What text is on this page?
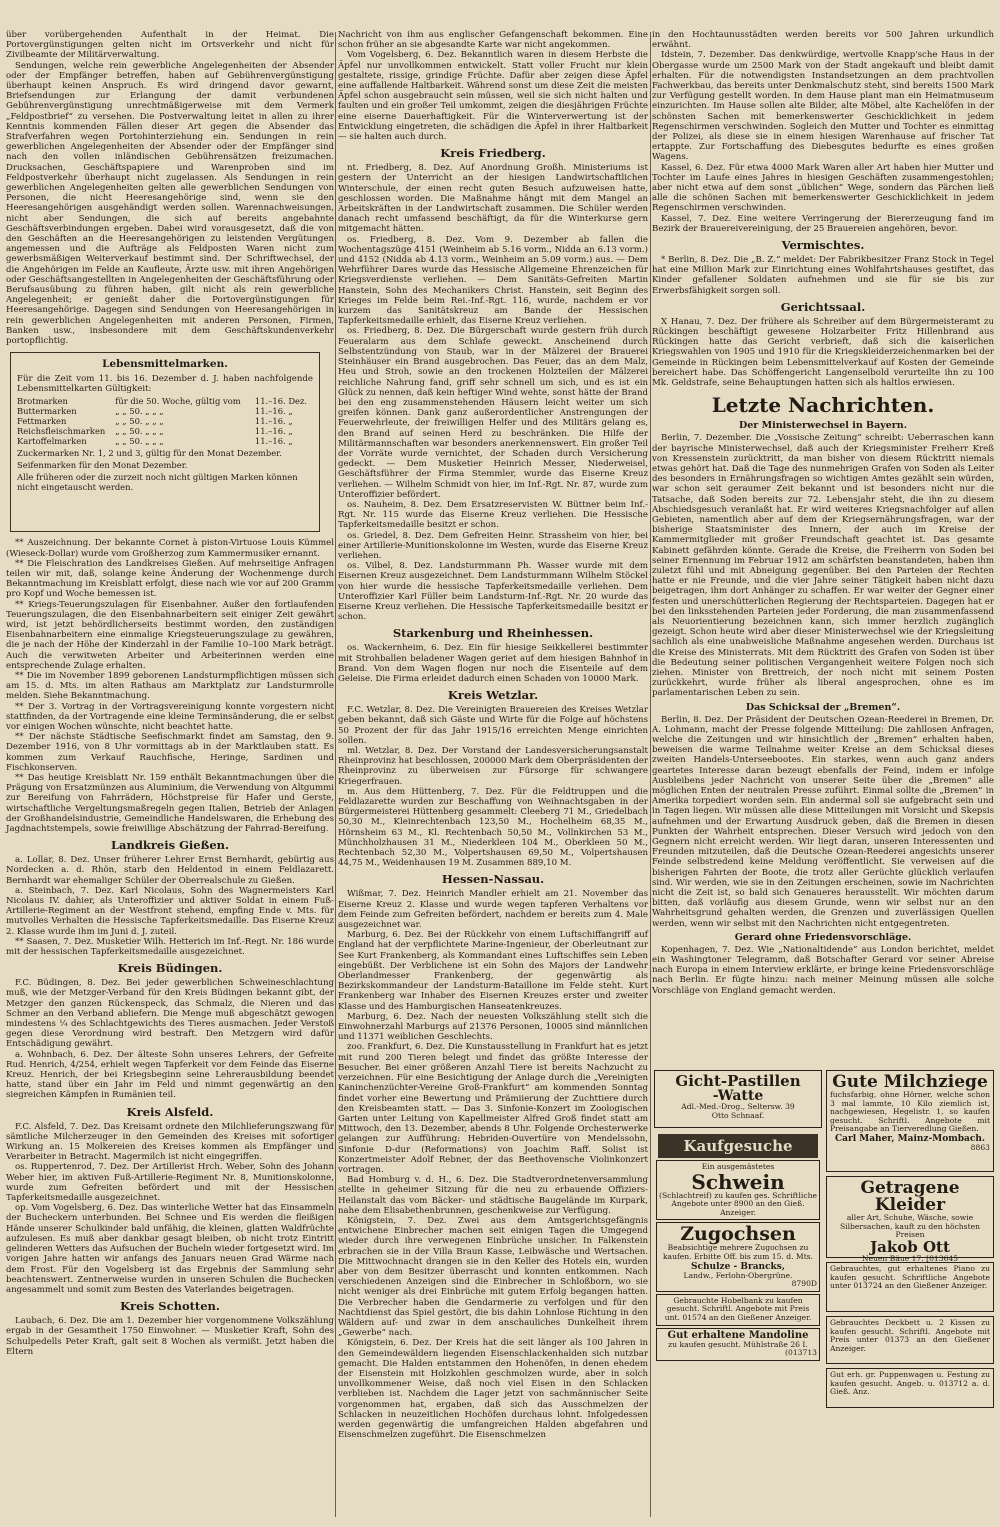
über vorübergehenden Aufenthalt in der Heimat. Die Portovergünstigungen gelten nicht im Ortsverkehr und nicht für Zivilbeamte der Militärverwaltung.

Sendungen, welche rein gewerbliche Angelegenheiten der Absender oder der Empfänger betreffen, haben auf Gebührenvergünstigung überhaupt keinen Anspruch. Es wird dringend davor gewarnt, Briefsendungen zur Erlangung der damit verbundenen Gebührenvergünstigung unrechtmäßigerweise mit dem Vermerk „Feldpostbrief“ zu versehen. Die Postverwaltung leitet in allen zu ihrer Kenntnis kommenden Fällen dieser Art gegen die Absender das Strafverfahren wegen Portohinterziehung ein. Sendungen in rein gewerblichen Angelegenheiten der Absender oder der Empfänger sind nach den vollen inländischen Gebührensätzen freizumachen. Drucksachen, Geschäftspapiere und Warenproben sind im Feldpostverkehr überhaupt nicht zugelassen. Als Sendungen in rein gewerblichen Angelegenheiten gelten alle gewerblichen Sendungen von Personen, die nicht Heeresangehörige sind, wenn sie den Heeresangehörigen ausgehändigt werden sollen. Warennachweisungen, nicht aber Sendungen, die sich auf bereits angebahnte Geschäftsverbindungen ergeben. Dabei wird vorausgesetzt, daß die von den Geschäften an die Heeresangehörigen zu leistenden Vergütungen angemessen und die Aufträge als Feldposten Waren nicht zum gewerbsmäßigen Weiterverkauf bestimmt sind. Der Schriftwechsel, der die Angehörigen im Felde an Kaufleute, Ärzte usw. mit ihren Angehörigen oder Geschäftsangestellten in Angelegenheiten der Geschäftsführung oder Berufsausübung zu führen haben, gilt nicht als rein gewerbliche Angelegenheit; er genießt daher die Portovergünstigungen für Heeresangehörige. Dagegen sind Sendungen von Heeresangehörigen in rein gewerblichen Angelegenheiten mit anderen Personen, Firmen, Banken usw., insbesondere mit dem Geschäftskundenverkehr portopflichtig.

Lebensmittelmarken.
Für die Zeit vom 11. bis 16. Dezember d. J. haben nachfolgende Lebensmittelkarten Gültigkeit:
Brotmarken	für die 50. Woche, gültig vom	11.–16. Dez.
Buttermarken	„ „ 50. „ „ „	11.–16. „
Fettmarken	„ „ 50. „ „ „	11.–16. „
Reichsfleischmarken	„ „ 50. „ „ „	11.–16. „
Kartoffelmarken	„ „ 50. „ „ „	11.–16. „
Zuckermarken Nr. 1, 2 und 3, gültig für den Monat Dezember.
Seifenmarken für den Monat Dezember.
Alle früheren oder die zurzeit noch nicht gültigen Marken können nicht eingetauscht werden.

** Auszeichnung. Der bekannte Cornet à piston-Virtuose Louis Kümmel (Wieseck-Dollar) wurde vom Großherzog zum Kammermusiker ernannt.

** Die Fleischration des Landkreises Gießen. Auf mehrseitige Anfragen teilen wir mit, daß, solange keine Änderung der Wochenmenge durch Bekanntmachung im Kreisblatt erfolgt, diese nach wie vor auf 200 Gramm pro Kopf und Woche bemessen ist.

** Kriegs-Teuerungszulagen für Eisenbahner. Außer den fortlaufenden Teuerungszulagen, die den Eisenbahnarbeitern seit einiger Zeit gewährt wird, ist jetzt behördlicherseits bestimmt worden, den zuständigen Eisenbahnarbeitern eine einmalige Kriegsteuerungszulage zu gewähren, die je nach der Höhe der Kinderzahl in der Familie 10–100 Mark beträgt. Auch die verwitweten Arbeiter und Arbeiterinnen werden eine entsprechende Zulage erhalten.

** Die im November 1899 geborenen Landsturmpflichtigen müssen sich am 15. d. Mts. im alten Rathaus am Marktplatz zur Landsturmrolle melden. Siehe Bekanntmachung.

** Der 3. Vortrag in der Vortragsvereinigung konnte vorgestern nicht stattfinden, da der Vortragende eine kleine Terminsänderung, die er selbst vor einigen Wochen wünschte, nicht beachtet hatte.

** Der nächste Städtische Seefischmarkt findet am Samstag, den 9. Dezember 1916, von 8 Uhr vormittags ab in der Marktlauben statt. Es kommen zum Verkauf Rauchfische, Heringe, Sardinen und Fischkonserven.

** Das heutige Kreisblatt Nr. 159 enthält Bekanntmachungen über die Prägung von Ersatzmünzen aus Aluminium, die Verwendung von Altgummi zur Bereifung von Fahrrädern, Höchstpreise für Hafer und Gerste, wirtschaftliche Vergeltungsmaßregeln gegen Italien, Betrieb der Anlagen der Großhandelsindustrie, Gemeindliche Handelswaren, die Erhebung des Jagdnachtstempels, sowie freiwillige Abschätzung der Fahrrad-Bereifung.

Landkreis Gießen.

a. Lollar, 8. Dez. Unser früherer Lehrer Ernst Bernhardt, gebürtig aus Nordecken a. d. Rhön, starb den Heldentod in einem Feldlazarett. Bernhardt war ehemaliger Schüler der Oberrealschule zu Gießen.

a. Steinbach, 7. Dez. Karl Nicolaus, Sohn des Wagnermeisters Karl Nicolaus IV. dahier, als Unteroffizier und aktiver Soldat in einem Fuß-Artillerie-Regiment an der Westfront stehend, empfing Ende v. Mts. für mutvolles Verhalten die Hessische Tapferkeitsmedaille. Das Eiserne Kreuz 2. Klasse wurde ihm im Juni d. J. zuteil.

** Saasen, 7. Dez. Musketier Wilh. Hetterich im Inf.-Regt. Nr. 186 wurde mit der hessischen Tapferkeitsmedaille ausgezeichnet.

Kreis Büdingen.

F.C. Büdingen, 8. Dez. Bei jeder gewerblichen Schweineschlachtung muß, wie der Metzger-Verband für den Kreis Büdingen bekannt gibt, der Metzger den ganzen Rückenspeck, das Schmalz, die Nieren und das Schmer an den Verband abliefern. Die Menge muß abgeschätzt gewogen mindestens ¼ des Schlachtgewichts des Tieres ausmachen. Jeder Verstoß gegen diese Verordnung wird bestraft. Den Metzgern wird dafür Entschädigung gewährt.

a. Wohnbach, 6. Dez. Der älteste Sohn unseres Lehrers, der Gefreite Rud. Henrich, 4/254, erhielt wegen Tapferkeit vor dem Feinde das Eiserne Kreuz. Henrich, der bei Kriegsbeginn seine Lehrerausbildung beendet hatte, stand über ein Jahr im Feld und nimmt gegenwärtig an den siegreichen Kämpfen in Rumänien teil.

Kreis Alsfeld.

F.C. Alsfeld, 7. Dez. Das Kreisamt ordnete den Milchlieferungszwang für sämtliche Milcherzeuger in den Gemeinden des Kreises mit sofortiger Wirkung an. 15 Molkereien des Kreises kommen als Empfänger und Verarbeiter in Betracht. Magermilch ist nicht eingegriffen.

os. Ruppertenrod, 7. Dez. Der Artillerist Hrch. Weber, Sohn des Johann Weber hier, im aktiven Fuß-Artillerie-Regiment Nr. 8, Munitionskolonne, wurde zum Gefreiten befördert und mit der Hessischen Tapferkeitsmedaille ausgezeichnet.

op. Vom Vogelsberg, 6. Dez. Das winterliche Wetter hat das Einsammeln der Bucheckern unterbunden. Bei Schnee und Eis werden die fleißigen Hände unserer Schulkinder bald unfähig, die kleinen, glatten Waldfrüchte aufzulesen. Es muß aber dankbar gesagt bleiben, ob nicht trotz Eintritt gelinderen Wetters das Aufsuchen der Bucheln wieder fortgesetzt wird. Im vorigen Jahre hatten wir anfangs des Januars neuen Grad Wärme nach dem Frost. Für den Vogelsberg ist das Ergebnis der Sammlung sehr beachtenswert. Zentnerweise wurden in unseren Schulen die Buchecken angesammelt und somit zum Besten des Vaterlandes beigetragen.

Kreis Schotten.

Laubach, 6. Dez. Die am 1. Dezember hier vorgenommene Volkszählung ergab in der Gesamtheit 1750 Einwohner. — Musketier Kraft, Sohn des Schulpedells Peter Kraft, galt seit 8 Wochen als vermißt. Jetzt haben die Eltern

Nachricht von ihm aus englischer Gefangenschaft bekommen. Eine schon früher an sie abgesandte Karte war nicht angekommen.

Vom Vogelsberg, 6. Dez. Bekanntlich waren in diesem Herbste die Äpfel nur unvollkommen entwickelt. Statt voller Frucht nur klein gestaltete, rissige, grindige Früchte. Dafür aber zeigen diese Äpfel eine auffallende Haltbarkeit. Während sonst um diese Zeit die meisten Äpfel schon ausgebraucht sein müssen, weil sie sich nicht halten und faulten und ein großer Teil umkommt, zeigen die diesjährigen Früchte eine eiserne Dauerhaftigkeit. Für die Winterverwertung ist der Entwicklung eingetreten, die schädigen die Äpfel in ihrer Haltbarkeit — sie halten auch durch.

Kreis Friedberg.

nt. Friedberg, 8. Dez. Auf Anordnung Großh. Ministeriums ist gestern der Unterricht an der hiesigen Landwirtschaftlichen Winterschule, der einen recht guten Besuch aufzuweisen hatte, geschlossen worden. Die Maßnahme hängt mit dem Mangel an Arbeitskräften in der Landwirtschaft zusammen. Die Schüler werden danach recht umfassend beschäftigt, da für die Winterkurse gern mitgemacht hätten.

os. Friedberg, 8. Dez. Vom 9. Dezember ab fallen die Wochentagszüge 4151 (Weinheim ab 5.16 vorm., Nidda an 6.13 vorm.) und 4152 (Nidda ab 4.13 vorm., Weinheim an 5.09 vorm.) aus. — Dem Wehrführer Dares wurde das Hessische Allgemeine Ehrenzeichen für Kriegsverdienste verliehen. — Dem Sanitäts-Gefreiten Martin Hanstein, Sohn des Mechanikers Christ. Hanstein, seit Beginn des Krieges im Felde beim Rei.-Inf.-Rgt. 116, wurde, nachdem er vor kurzem das Sanitätskreuz am Bande der Hessischen Tapferkeitsmedaille erhielt, das Eiserne Kreuz verliehen.

os. Friedberg, 8. Dez. Die Bürgerschaft wurde gestern früh durch Feueralarm aus dem Schlafe geweckt. Anscheinend durch Selbstentzündung von Staub, war in der Mälzerei der Brauerei Steinhäuser ein Brand ausgebrochen. Das Feuer, das an dem Malz, Heu und Stroh, sowie an den trockenen Holzteilen der Mälzerei reichliche Nahrung fand, griff sehr schnell um sich, und es ist ein Glück zu nennen, daß kein heftiger Wind wehte, sonst hätte der Brand bei den eng zusammenstehenden Häusern leicht weiter um sich greifen können. Dank ganz außerordentlicher Anstrengungen der Feuerwehrleute, der freiwilligen Helfer und des Militärs gelang es, den Brand auf seinen Herd zu beschränken. Die Hilfe der Militärmannschaften war besonders anerkennenswert. Ein großer Teil der Vorräte wurde vernichtet, der Schaden durch Versicherung gedeckt. — Dem Musketier Heinrich Messer, Niederweisel, Geschäftsführer der Firma Stemmler, wurde das Eiserne Kreuz verliehen. — Wilhelm Schmidt von hier, im Inf.-Rgt. Nr. 87, wurde zum Unteroffizier befördert.

os. Nauheim, 8. Dez. Dem Ersatzreservisten W. Büttner beim Inf.-Rgt. Nr. 115 wurde das Eiserne Kreuz verliehen. Die Hessische Tapferkeitsmedaille besitzt er schon.

os. Griedel, 8. Dez. Dem Gefreiten Heinr. Strassheim von hier, bei einer Artillerie-Munitionskolonne im Westen, wurde das Eiserne Kreuz verliehen.

os. Vilbel, 8. Dez. Landsturmmann Ph. Wasser wurde mit dem Eisernen Kreuz ausgezeichnet. Dem Landsturmmann Wilhelm Stöckel von hier wurde die hessische Tapferkeitsmedaille verliehen. Dem Unteroffizier Karl Füller beim Landsturm-Inf.-Rgt. Nr. 20 wurde das Eiserne Kreuz verliehen. Die Hessische Tapferkeitsmedaille besitzt er schon.

Starkenburg und Rheinhessen.

os. Wackernheim, 6. Dez. Ein für hiesige Seikkellerei bestimmter mit Strohballen beladener Wagen geriet auf dem hiesigen Bahnhof in Brand. Von dem Wagen flogen nur noch die Eisenteile auf dem Geleise. Die Firma erleidet dadurch einen Schaden von 10000 Mark.

Kreis Wetzlar.

F.C. Wetzlar, 8. Dez. Die Vereinigten Brauereien des Kreises Wetzlar geben bekannt, daß sich Gäste und Wirte für die Folge auf höchstens 50 Prozent der für das Jahr 1915/16 erreichten Menge einrichten sollen.

ml. Wetzlar, 8. Dez. Der Vorstand der Landesversicherungsanstalt Rheinprovinz hat beschlossen, 200000 Mark dem Oberpräsidenten der Rheinprovinz zu überweisen zur Fürsorge für schwangere Kriegerfrauen.

m. Aus dem Hüttenberg, 7. Dez. Für die Feldtruppen und die Feldlazarette wurden zur Beschaffung von Weihnachtsgaben in der Bürgermeisterei Hüttenberg gesammelt: Cleeberg 71 M., Griedelbach 50,30 M., Kleinrechtenbach 123,50 M., Hochelheim 68,35 M., Hörnsheim 63 M., Kl. Rechtenbach 50,50 M., Vollnkirchen 53 M., Münchholzhausen 31 M., Niederkleen 104 M., Oberkleen 50 M., Rechtenbach 52,30 M., Volpertshausen 69,50 M., Volpertshausen 44,75 M., Weidenhausen 19 M. Zusammen 889,10 M.

Hessen-Nassau.

Wißmar, 7. Dez. Heinrich Mandler erhielt am 21. November das Eiserne Kreuz 2. Klasse und wurde wegen tapferen Verhaltens vor dem Feinde zum Gefreiten befördert, nachdem er bereits zum 4. Male ausgezeichnet war.

Marburg, 6. Dez. Bei der Rückkehr von einem Luftschiffangriff auf England hat der verpflichtete Marine-Ingenieur, der Oberleutnant zur See Kurt Frankenberg, als Kommandant eines Luftschiffes sein Leben eingebüßt. Der Verblichene ist ein Sohn des Majors der Landwehr Oberlandmesser Frankenberg, der gegenwärtig als Bezirkskommandeur der Landsturm-Bataillone im Felde steht. Kurt Frankenberg war Inhaber des Eisernen Kreuzes erster und zweiter Klasse und des Hamburgischen Hanseatenkreuzes.

Marburg, 6. Dez. Nach der neuesten Volkszählung stellt sich die Einwohnerzahl Marburgs auf 21376 Personen, 10005 sind männlichen und 11371 weiblichen Geschlechts.

zoo. Frankfurt, 6. Dez. Die Kunstausstellung in Frankfurt hat es jetzt mit rund 200 Tieren belegt und findet das größte Interesse der Besucher. Bei einer größeren Anzahl Tiere ist bereits Nachzucht zu verzeichnen. Für eine Besichtigung der Anlage durch die „Vereinigten Kaninchenzüchter-Vereine Groß-Frankfurt“ am kommenden Sonntag findet vorher eine Bewertung und Prämiierung der Zuchttiere durch den Kreisbeamten statt. — Das 3. Sinfonie-Konzert im Zoologischen Garten unter Leitung von Kapellmeister Alfred Groß findet statt am Mittwoch, den 13. Dezember, abends 8 Uhr. Folgende Orchesterwerke gelangen zur Aufführung: Hebriden-Ouvertüre von Mendelssohn, Sinfonie D-dur (Reformations) von Joachim Raff. Solist ist Konzertmeister Adolf Rebner, der das Beethovensche Violinkonzert vortragen.

Bad Homburg v. d. H., 6. Dez. Die Stadtverordnetenversammlung stellte in geheimer Sitzung für die neu zu erbauende Offiziers-Heilanstalt das vom Bäcker- und städtische Baugelände im Kurpark, nahe dem Elisabethenbrunnen, geschenkweise zur Verfügung.

Königstein, 7. Dez. Zwei aus dem Amtsgerichtsgefängnis entwichene Einbrecher machen seit einigen Tagen die Umgegend wieder durch ihre verwegenen Einbrüche unsicher. In Falkenstein erbrachen sie in der Villa Braun Kasse, Leibwäsche und Wertsachen. Die Mittwochnacht drangen sie in den Keller des Hotels ein, wurden aber von dem Besitzer überrascht und konnten entkommen. Nach verschiedenen Anzeigen sind die Einbrecher in Schloßborn, wo sie nicht weniger als drei Einbrüche mit gutem Erfolg begangen hatten. Die Verbrecher haben die Gendarmerie zu verfolgen und für den Nachtdienst das Spiel gestört, die bis dahin Lohnlose Richtung in den Wäldern auf- und zwar in dem anschauliches Dunkelheit ihrem „Gewerbe“ nach.

Königstein, 6. Dez. Der Kreis hat die seit länger als 100 Jahren in den Gemeindewäldern liegenden Eisenschlackenhalden sich nutzbar gemacht. Die Halden entstammen den Hohenöfen, in denen ehedem der Eisenstein mit Holzkohlen geschmolzen wurde, aber in solch unvollkommener Weise, daß noch viel Eisen in den Schlacken verblieben ist. Nachdem die Lager jetzt von sachmännischer Seite vorgenommen hat, ergaben, daß sich das Ausschmelzen der Schlacken in neuzeitlichen Hochöfen durchaus lohnt. Infolgedessen werden gegenwärtig die umfangreichen Halden abgefahren und Eisenschmelzen zugeführt. Die Eisenschmelzen

in den Hochtaunusstädten werden bereits vor 500 Jahren urkundlich erwähnt.

Idstein, 7. Dezember. Das denkwürdige, wertvolle Knapp'sche Haus in der Obergasse wurde um 2500 Mark von der Stadt angekauft und bleibt damit erhalten. Für die notwendigsten Instandsetzungen an dem prachtvollen Fachwerkbau, das bereits unter Denkmalschutz steht, sind bereits 1500 Mark zur Verfügung gestellt worden. In dem Hause plant man ein Heimatmuseum einzurichten. Im Hause sollen alte Bilder, alte Möbel, alte Kachelöfen in der schönsten Sachen mit bemerkenswerter Geschicklichkeit in jedem Regenschirmen verschwinden. Sogleich den Mutter und Tochter es einmittag der Polizei, als diese sie in einem hiesigen Warenhause auf frischer Tat ertappte. Zur Fortschaffung des Diebesgutes bedurfte es eines großen Wagens.

Kassel, 6. Dez. Für etwa 4000 Mark Waren aller Art haben hier Mutter und Tochter im Laufe eines Jahres in hiesigen Geschäften zusammengestohlen; aber nicht etwa auf dem sonst „üblichen“ Wege, sondern das Pärchen ließ alle die schönen Sachen mit bemerkenswerter Geschicklichkeit in jedem Regenschirmen verschwinden.

Kassel, 7. Dez. Eine weitere Verringerung der Biererzeugung fand im Bezirk der Brauereivereinigung, der 25 Brauereien angehören, bevor.

Vermischtes.

* Berlin, 8. Dez. Die „B. Z.“ meldet: Der Fabrikbesitzer Franz Stock in Tegel hat eine Million Mark zur Einrichtung eines Wohlfahrtshauses gestiftet, das Kinder gefallener Soldaten aufnehmen und sie für sie bis zur Erwerbsfähigkeit sorgen soll.

Gerichtssaal.

X Hanau, 7. Dez. Der frühere als Schreiber auf dem Bürgermeisteramt zu Rückingen beschäftigt gewesene Holzarbeiter Fritz Hillenbrand aus Rückingen hatte das Gericht verbrieft, daß sich die kaiserlichen Kriegswahlen von 1905 und 1910 für die Kriegskleiderzeichenmarken bei der Gemeinde in Rückingen beim Lebensmittelverkauf auf Kosten der Gemeinde bereichert habe. Das Schöffengericht Langenselbold verurteilte ihn zu 100 Mk. Geldstrafe, seine Behauptungen hatten sich als haltlos erwiesen.

Letzte Nachrichten.
Der Ministerwechsel in Bayern.

Berlin, 7. Dezember. Die „Vossische Zeitung“ schreibt: Ueberraschen kann der bayrische Ministerwechsel, daß auch der Kriegsminister Freiherr Kreß von Kressenstein zurücktritt, da man bisher von diesem Rücktritt niemals etwas gehört hat. Daß die Tage des nunmehrigen Grafen von Soden als Leiter des besonders in Ernährungsfragen so wichtigen Amtes gezählt sein würden, war schon seit geraumer Zeit bekannt und ist besonders nicht nur die Tatsache, daß Soden bereits zur 72. Lebensjahr steht, die ihn zu diesem Abschiedsgesuch veranlaßt hat. Er wird weiteres Kriegsnachfolger auf allen Gebieten, namentlich aber auf dem der Kriegsernährungsfragen, war der bisherige Staatsminister des Innern, der auch im Kreise der Kammermitglieder mit großer Freundschaft geachtet ist. Das gesamte Kabinett gefährden könnte. Gerade die Kreise, die Freiherrn von Soden bei seiner Ernennung im Februar 1912 am schärfsten beanstandeten, haben ihm zuletzt fühl und mit Abneigung gegenüber. Bei den Parteien der Rechten hatte er nie Freunde, und die vier Jahre seiner Tätigkeit haben nicht dazu beigetragen, ihm dort Anhänger zu schaffen. Er war weiter der Gegner einer festen und unerschütterlichen Regierung der Rechtsparteien. Dagegen hat er bei den linksstehenden Parteien jeder Forderung, die man zusammenfassend als Neuorientierung bezeichnen kann, sich immer herzlich zugänglich gezeigt. Schon heute wird aber dieser Ministerwechsel wie der Kriegsleitung sachlich als eine unabweisliche Maßnahme angesehen werden. Durchaus ist die Kreise des Ministerrats. Mit dem Rücktritt des Grafen von Soden ist über die Bedeutung seiner politischen Vergangenheit weitere Folgen noch sich ziehen. Minister von Brettreich, der noch nicht mit seinem Posten zurückkehrt, wurde früher als liberal angesprochen, ohne es im parlamentarischen Leben zu sein.

Das Schicksal der „Bremen“.

Berlin, 8. Dez. Der Präsident der Deutschen Ozean-Reederei in Bremen, Dr. A. Lohmann, macht der Presse folgende Mitteilung: Die zahllosen Anfragen, welche die Zeitungen und wir hinsichtlich der „Bremen“ erhalten haben, beweisen die warme Teilnahme weiter Kreise an dem Schicksal dieses zweiten Handels-Unterseebootes. Ein starkes, wenn auch ganz anders geartetes Interesse daran bezeugt ebenfalls der Feind, indem er infolge Ausbleibens jeder Nachricht von unserer Seite über die „Bremen“ alle möglichen Enten der neutralen Presse zuführt. Einmal sollte die „Bremen“ in Amerika torpediert worden sein. Ein andermal soll sie aufgebracht sein und in Tagen liegen. Wir müssen alle diese Mitteilungen mit Vorsicht und Skepsis aufnehmen und der Erwartung Ausdruck geben, daß die Bremen in diesen Punkten der Wahrheit entsprechen. Dieser Versuch wird jedoch von den Gegnern nicht erreicht werden. Wir liegt daran, unseren Interessenten und Freunden mitzuteilen, daß die Deutsche Ozean-Reederei angesichts unserer Feinde selbstredend keine Meldung veröffentlicht. Sie verweisen auf die bisherigen Fahrten der Boote, die trotz aller Gerüchte glücklich verlaufen sind. Wir werden, wie sie in den Zeitungen erscheinen, sowie im Nachrichten nicht die Zeit ist, so bald sich Genaueres herausstellt. Wir möchten darum bitten, daß vorläufig aus diesem Grunde, wenn wir selbst nur an den Wahrheitsgrund gehalten werden, die Grenzen und zuverlässigen Quellen werden, wenn wir selbst mit den Nachrichten nicht entgegentreten.

Gerard ohne Friedensvorschläge.

Kopenhagen, 7. Dez. Wie „Nationaltidende“ aus London berichtet, meldet ein Washingtoner Telegramm, daß Botschafter Gerard vor seiner Abreise nach Europa in einem Interview erklärte, er bringe keine Friedensvorschläge nach Berlin. Er fügte hinzu: nach meiner Meinung müssen alle solche Vorschläge von England gemacht werden.

Gicht-Pastillen
-Watte
Adl.-Med.-Drog., Seltersw. 39
Otto Schnaaf.
Kaufgesuche
Ein ausgemästetes
Schwein
(Schlachtreif) zu kaufen ges. Schriftliche Angebote unter 8900 an den Gieß. Anzeiger.
Zugochsen
Beabsichtige mehrere Zugochsen zu kaufen. Erbitte Off. bis zum 15. d. Mts.
Schulze - Brancks,
Landw., Ferlohn-Obergrüne.
8790D
Gebrauchte Hobelbank zu kaufen gesucht. Schriftl. Angebote mit Preis unt. 01574 an den Gießener Anzeiger.
Gut erhaltene Mandoline
zu kaufen gesucht. Mühlstraße 26 I.
(013713
Gute Milchziege
fuchsfarbig, ohne Hörner, welche schon 3 mal lammte, 10 Kilo ziemlich ist, nachgewiesen, Hegelistr. 1, so kaufen gesucht. Schriftl. Angebote mit Preisangabe an Tierveredlung Gießen.
Carl Maher, Mainz-Mombach.
8863
Getragene Kleider
aller Art, Schuhe, Wäsche, sowie Silbersachen, kauft zu den höchsten Preisen
Jakob Ott
Neuen Bäue 17. [013645
Gebrauchtes, gut erhaltenes Piano zu kaufen gesucht. Schriftliche Angebote unter 013724 an den Gießener Anzeiger.
Gebrauchtes Deckbett u. 2 Kissen zu kaufen gesucht. Schriftl. Angebote mit Preis unter 01373 an den Gießener Anzeiger.
Gut erh. gr. Puppenwagen u. Festung zu kaufen gesucht. Angeb. u. 013712 a. d. Gieß. Anz.
